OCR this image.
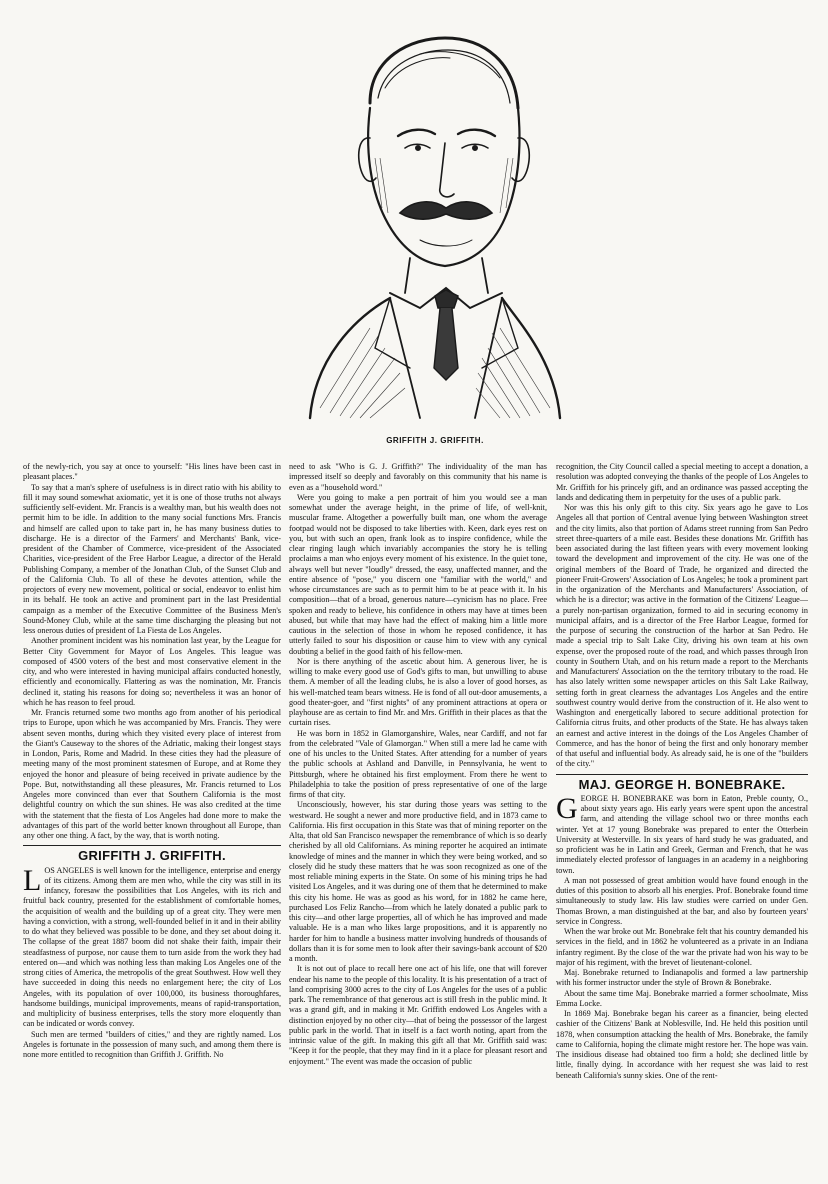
GRIFFITH J. GRIFFITH.

of the newly-rich, you say at once to yourself: "His lines have been cast in pleasant places."

To say that a man's sphere of usefulness is in direct ratio with his ability to fill it may sound somewhat axiomatic, yet it is one of those truths not always sufficiently self-evident. Mr. Francis is a wealthy man, but his wealth does not permit him to be idle. In addition to the many social functions Mrs. Francis and himself are called upon to take part in, he has many business duties to discharge. He is a director of the Farmers' and Merchants' Bank, vice-president of the Chamber of Commerce, vice-president of the Associated Charities, vice-president of the Free Harbor League, a director of the Herald Publishing Company, a member of the Jonathan Club, of the Sunset Club and of the California Club. To all of these he devotes attention, while the projectors of every new movement, political or social, endeavor to enlist him in its behalf. He took an active and prominent part in the last Presidential campaign as a member of the Executive Committee of the Business Men's Sound-Money Club, while at the same time discharging the pleasing but not less onerous duties of president of La Fiesta de Los Angeles.

Another prominent incident was his nomination last year, by the League for Better City Government for Mayor of Los Angeles. This league was composed of 4500 voters of the best and most conservative element in the city, and who were interested in having municipal affairs conducted honestly, efficiently and economically. Flattering as was the nomination, Mr. Francis declined it, stating his reasons for doing so; nevertheless it was an honor of which he has reason to feel proud.

Mr. Francis returned some two months ago from another of his periodical trips to Europe, upon which he was accompanied by Mrs. Francis. They were absent seven months, during which they visited every place of interest from the Giant's Causeway to the shores of the Adriatic, making their longest stays in London, Paris, Rome and Madrid. In these cities they had the pleasure of meeting many of the most prominent statesmen of Europe, and at Rome they enjoyed the honor and pleasure of being received in private audience by the Pope. But, notwithstanding all these pleasures, Mr. Francis returned to Los Angeles more convinced than ever that Southern California is the most delightful country on which the sun shines. He was also credited at the time with the statement that the fiesta of Los Angeles had done more to make the advantages of this part of the world better known throughout all Europe, than any other one thing. A fact, by the way, that is worth noting.

GRIFFITH J. GRIFFITH.

LOS ANGELES is well known for the intelligence, enterprise and energy of its citizens. Among them are men who, while the city was still in its infancy, foresaw the possibilities that Los Angeles, with its rich and fruitful back country, presented for the establishment of comfortable homes, the acquisition of wealth and the building up of a great city. They were men having a conviction, with a strong, well-founded belief in it and in their ability to do what they believed was possible to be done, and they set about doing it. The collapse of the great 1887 boom did not shake their faith, impair their steadfastness of purpose, nor cause them to turn aside from the work they had entered on—and which was nothing less than making Los Angeles one of the strong cities of America, the metropolis of the great Southwest. How well they have succeeded in doing this needs no enlargement here; the city of Los Angeles, with its population of over 100,000, its business thoroughfares, handsome buildings, municipal improvements, means of rapid-transportation, and multiplicity of business enterprises, tells the story more eloquently than can be indicated or words convey.

Such men are termed "builders of cities," and they are rightly named. Los Angeles is fortunate in the possession of many such, and among them there is none more entitled to recognition than Griffith J. Griffith. No

need to ask "Who is G. J. Griffith?" The individuality of the man has impressed itself so deeply and favorably on this community that his name is even as a "household word."

Were you going to make a pen portrait of him you would see a man somewhat under the average height, in the prime of life, of well-knit, muscular frame. Altogether a powerfully built man, one whom the average footpad would not be disposed to take liberties with. Keen, dark eyes rest on you, but with such an open, frank look as to inspire confidence, while the clear ringing laugh which invariably accompanies the story he is telling proclaims a man who enjoys every moment of his existence. In the quiet tone, always well but never "loudly" dressed, the easy, unaffected manner, and the entire absence of "pose," you discern one "familiar with the world," and whose circumstances are such as to permit him to be at peace with it. In his composition—that of a broad, generous nature—cynicism has no place. Free spoken and ready to believe, his confidence in others may have at times been abused, but while that may have had the effect of making him a little more cautious in the selection of those in whom he reposed confidence, it has utterly failed to sour his disposition or cause him to view with any cynical doubting a belief in the good faith of his fellow-men.

Nor is there anything of the ascetic about him. A generous liver, he is willing to make every good use of God's gifts to man, but unwilling to abuse them. A member of all the leading clubs, he is also a lover of good horses, as his well-matched team bears witness. He is fond of all out-door amusements, a good theater-goer, and "first nights" of any prominent attractions at opera or playhouse are as certain to find Mr. and Mrs. Griffith in their places as that the curtain rises.

He was born in 1852 in Glamorganshire, Wales, near Cardiff, and not far from the celebrated "Vale of Glamorgan." When still a mere lad he came with one of his uncles to the United States. After attending for a number of years the public schools at Ashland and Danville, in Pennsylvania, he went to Pittsburgh, where he obtained his first employment. From there he went to Philadelphia to take the position of press representative of one of the large firms of that city.

Unconsciously, however, his star during those years was setting to the westward. He sought a newer and more productive field, and in 1873 came to California. His first occupation in this State was that of mining reporter on the Alta, that old San Francisco newspaper the remembrance of which is so dearly cherished by all old Californians. As mining reporter he acquired an intimate knowledge of mines and the manner in which they were being worked, and so closely did he study these matters that he was soon recognized as one of the most reliable mining experts in the State. On some of his mining trips he had visited Los Angeles, and it was during one of them that he determined to make this city his home. He was as good as his word, for in 1882 he came here, purchased Los Feliz Rancho—from which he lately donated a public park to this city—and other large properties, all of which he has improved and made valuable. He is a man who likes large propositions, and it is apparently no harder for him to handle a business matter involving hundreds of thousands of dollars than it is for some men to look after their savings-bank account of $20 a month.

It is not out of place to recall here one act of his life, one that will forever endear his name to the people of this locality. It is his presentation of a tract of land comprising 3000 acres to the city of Los Angeles for the uses of a public park. The remembrance of that generous act is still fresh in the public mind. It was a grand gift, and in making it Mr. Griffith endowed Los Angeles with a distinction enjoyed by no other city—that of being the possessor of the largest public park in the world. That in itself is a fact worth noting, apart from the intrinsic value of the gift. In making this gift all that Mr. Griffith said was: "Keep it for the people, that they may find in it a place for pleasant resort and enjoyment." The event was made the occasion of public

recognition, the City Council called a special meeting to accept a donation, a resolution was adopted conveying the thanks of the people of Los Angeles to Mr. Griffith for his princely gift, and an ordinance was passed accepting the lands and dedicating them in perpetuity for the uses of a public park.

Nor was this his only gift to this city. Six years ago he gave to Los Angeles all that portion of Central avenue lying between Washington street and the city limits, also that portion of Adams street running from San Pedro street three-quarters of a mile east. Besides these donations Mr. Griffith has been associated during the last fifteen years with every movement looking toward the development and improvement of the city. He was one of the original members of the Board of Trade, he organized and directed the pioneer Fruit-Growers' Association of Los Angeles; he took a prominent part in the organization of the Merchants and Manufacturers' Association, of which he is a director; was active in the formation of the Citizens' League—a purely non-partisan organization, formed to aid in securing economy in municipal affairs, and is a director of the Free Harbor League, formed for the purpose of securing the construction of the harbor at San Pedro. He made a special trip to Salt Lake City, driving his own team at his own expense, over the proposed route of the road, and which passes through Iron county in Southern Utah, and on his return made a report to the Merchants and Manufacturers' Association on the the territory tributary to the road. He has also lately written some newspaper articles on this Salt Lake Railway, setting forth in great clearness the advantages Los Angeles and the entire southwest country would derive from the construction of it. He also went to Washington and energetically labored to secure additional protection for California citrus fruits, and other products of the State. He has always taken an earnest and active interest in the doings of the Los Angeles Chamber of Commerce, and has the honor of being the first and only honorary member of that useful and influential body. As already said, he is one of the "builders of the city."

MAJ. GEORGE H. BONEBRAKE.

GEORGE H. BONEBRAKE was born in Eaton, Preble county, O., about sixty years ago. His early years were spent upon the ancestral farm, and attending the village school two or three months each winter. Yet at 17 young Bonebrake was prepared to enter the Otterbein University at Westerville. In six years of hard study he was graduated, and so proficient was he in Latin and Greek, German and French, that he was immediately elected professor of languages in an academy in a neighboring town.

A man not possessed of great ambition would have found enough in the duties of this position to absorb all his energies. Prof. Bonebrake found time simultaneously to study law. His law studies were carried on under Gen. Thomas Brown, a man distinguished at the bar, and also by fourteen years' service in Congress.

When the war broke out Mr. Bonebrake felt that his country demanded his services in the field, and in 1862 he volunteered as a private in an Indiana infantry regiment. By the close of the war the private had won his way to be major of his regiment, with the brevet of lieutenant-colonel.

Maj. Bonebrake returned to Indianapolis and formed a law partnership with his former instructor under the style of Brown & Bonebrake.

About the same time Maj. Bonebrake married a former schoolmate, Miss Emma Locke.

In 1869 Maj. Bonebrake began his career as a financier, being elected cashier of the Citizens' Bank at Noblesville, Ind. He held this position until 1878, when consumption attacking the health of Mrs. Bonebrake, the family came to California, hoping the climate might restore her. The hope was vain. The insidious disease had obtained too firm a hold; she declined little by little, finally dying. In accordance with her request she was laid to rest beneath California's sunny skies. One of the rent-
